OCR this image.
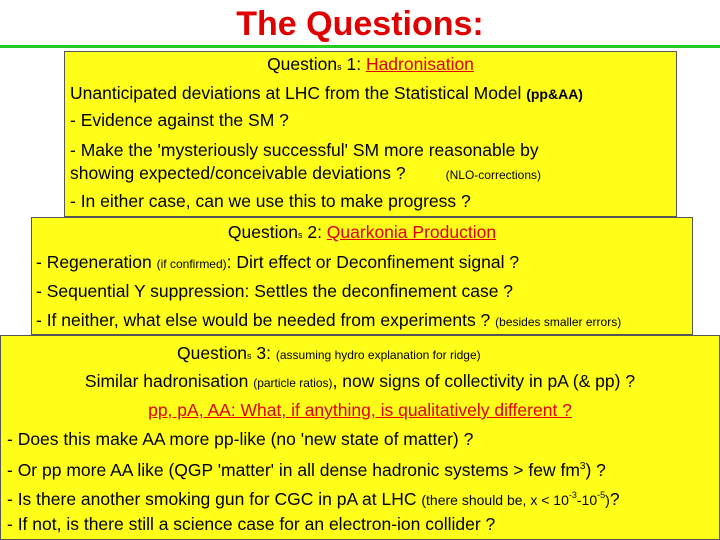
The Questions:
Questions 1: Hadronisation
Unanticipated deviations at LHC from the Statistical Model (pp&AA)
- Evidence against the SM ?
- Make the 'mysteriously successful' SM more reasonable by
showing expected/conceivable deviations ?	(NLO-corrections)
- In either case, can we use this to make progress ?
Questions 2: Quarkonia Production
- Regeneration (if confirmed): Dirt effect or Deconfinement signal ?
- Sequential Y suppression: Settles the deconfinement case ?
- If neither, what else would be needed from experiments ? (besides smaller errors)
Questions 3: (assuming hydro explanation for ridge)
Similar hadronisation (particle ratios), now signs of collectivity in pA (& pp) ?
pp, pA, AA: What, if anything, is qualitatively different ?
- Does this make AA more pp-like (no 'new state of matter) ?
- Or pp more AA like (QGP 'matter' in all dense hadronic systems > few $fm^3$) ?
- Is there another smoking gun for CGC in pA at LHC (there should be, $x < 10^{-3}-10^{-5}$)?
- If not, is there still a science case for an electron-ion collider ?
